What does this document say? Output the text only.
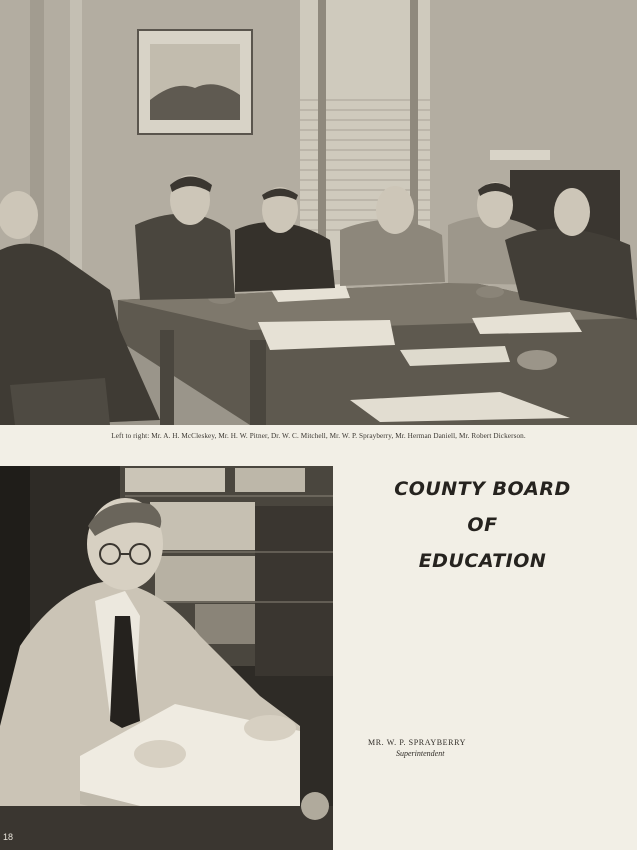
Left to right: Mr. A. H. McCleskey, Mr. H. W. Pitner, Dr. W. C. Mitchell, Mr. W. P. Sprayberry, Mr. Herman Daniell, Mr. Robert Dickerson.
COUNTY BOARD
OF
EDUCATION
MR. W. P. SPRAYBERRY
Superintendent
18
